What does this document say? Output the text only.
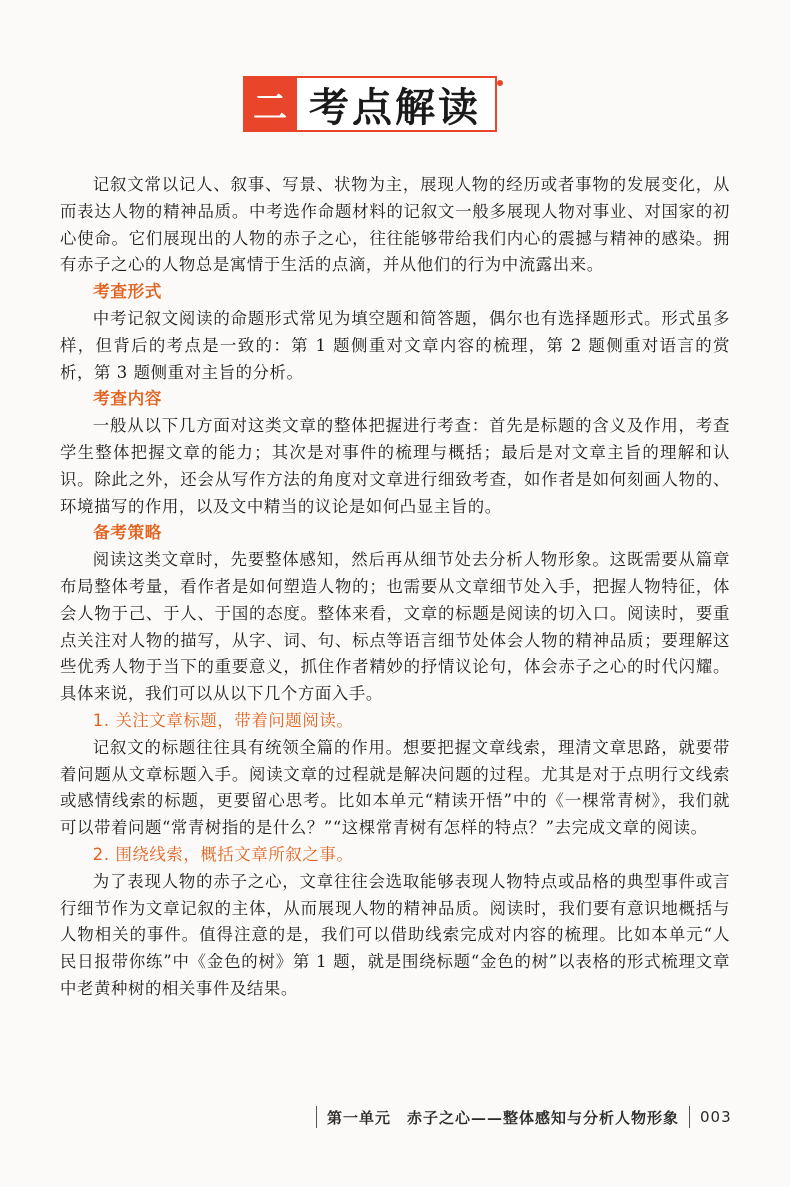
二 考点解读

记叙文常以记人、叙事、写景、状物为主，展现人物的经历或者事物的发展变化，从而表达人物的精神品质。中考选作命题材料的记叙文一般多展现人物对事业、对国家的初心使命。它们展现出的人物的赤子之心，往往能够带给我们内心的震撼与精神的感染。拥有赤子之心的人物总是寓情于生活的点滴，并从他们的行为中流露出来。

考查形式

中考记叙文阅读的命题形式常见为填空题和简答题，偶尔也有选择题形式。形式虽多样，但背后的考点是一致的：第 1 题侧重对文章内容的梳理，第 2 题侧重对语言的赏析，第 3 题侧重对主旨的分析。

考查内容

一般从以下几方面对这类文章的整体把握进行考查：首先是标题的含义及作用，考查学生整体把握文章的能力；其次是对事件的梳理与概括；最后是对文章主旨的理解和认识。除此之外，还会从写作方法的角度对文章进行细致考查，如作者是如何刻画人物的、环境描写的作用，以及文中精当的议论是如何凸显主旨的。

备考策略

阅读这类文章时，先要整体感知，然后再从细节处去分析人物形象。这既需要从篇章布局整体考量，看作者是如何塑造人物的；也需要从文章细节处入手，把握人物特征，体会人物于己、于人、于国的态度。整体来看，文章的标题是阅读的切入口。阅读时，要重点关注对人物的描写，从字、词、句、标点等语言细节处体会人物的精神品质；要理解这些优秀人物于当下的重要意义，抓住作者精妙的抒情议论句，体会赤子之心的时代闪耀。具体来说，我们可以从以下几个方面入手。

1. 关注文章标题，带着问题阅读。

记叙文的标题往往具有统领全篇的作用。想要把握文章线索，理清文章思路，就要带着问题从文章标题入手。阅读文章的过程就是解决问题的过程。尤其是对于点明行文线索或感情线索的标题，更要留心思考。比如本单元“精读开悟”中的《一棵常青树》，我们就可以带着问题“常青树指的是什么？”“这棵常青树有怎样的特点？”去完成文章的阅读。

2. 围绕线索，概括文章所叙之事。

为了表现人物的赤子之心，文章往往会选取能够表现人物特点或品格的典型事件或言行细节作为文章记叙的主体，从而展现人物的精神品质。阅读时，我们要有意识地概括与人物相关的事件。值得注意的是，我们可以借助线索完成对内容的梳理。比如本单元“人民日报带你练”中《金色的树》第 1 题，就是围绕标题“金色的树”以表格的形式梳理文章中老黄种树的相关事件及结果。

第一单元　赤子之心——整体感知与分析人物形象	003
